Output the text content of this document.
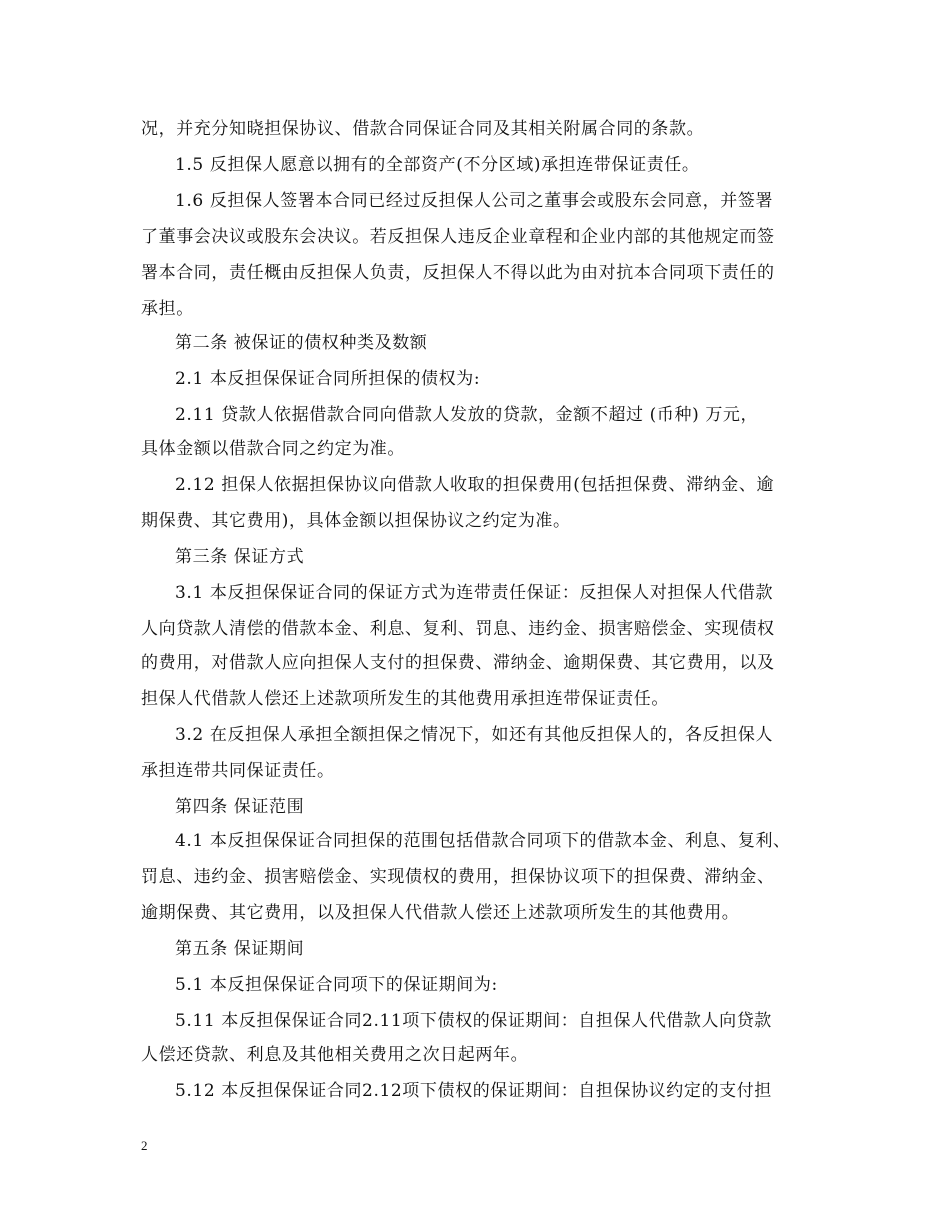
况，并充分知晓担保协议、借款合同保证合同及其相关附属合同的条款。
1.5 反担保人愿意以拥有的全部资产(不分区域)承担连带保证责任。
1.6 反担保人签署本合同已经过反担保人公司之董事会或股东会同意，并签署
了董事会决议或股东会决议。若反担保人违反企业章程和企业内部的其他规定而签
署本合同，责任概由反担保人负责，反担保人不得以此为由对抗本合同项下责任的
承担。
第二条 被保证的债权种类及数额
2.1 本反担保保证合同所担保的债权为:
2.11 贷款人依据借款合同向借款人发放的贷款，金额不超过 (币种) 万元，
具体金额以借款合同之约定为准。
2.12 担保人依据担保协议向借款人收取的担保费用(包括担保费、滞纳金、逾
期保费、其它费用)，具体金额以担保协议之约定为准。
第三条 保证方式
3.1 本反担保保证合同的保证方式为连带责任保证：反担保人对担保人代借款
人向贷款人清偿的借款本金、利息、复利、罚息、违约金、损害赔偿金、实现债权
的费用，对借款人应向担保人支付的担保费、滞纳金、逾期保费、其它费用，以及
担保人代借款人偿还上述款项所发生的其他费用承担连带保证责任。
3.2 在反担保人承担全额担保之情况下，如还有其他反担保人的，各反担保人
承担连带共同保证责任。
第四条 保证范围
4.1 本反担保保证合同担保的范围包括借款合同项下的借款本金、利息、复利、
罚息、违约金、损害赔偿金、实现债权的费用，担保协议项下的担保费、滞纳金、
逾期保费、其它费用，以及担保人代借款人偿还上述款项所发生的其他费用。
第五条 保证期间
5.1 本反担保保证合同项下的保证期间为:
5.11 本反担保保证合同2.11项下债权的保证期间：自担保人代借款人向贷款
人偿还贷款、利息及其他相关费用之次日起两年。
5.12 本反担保保证合同2.12项下债权的保证期间：自担保协议约定的支付担
2
